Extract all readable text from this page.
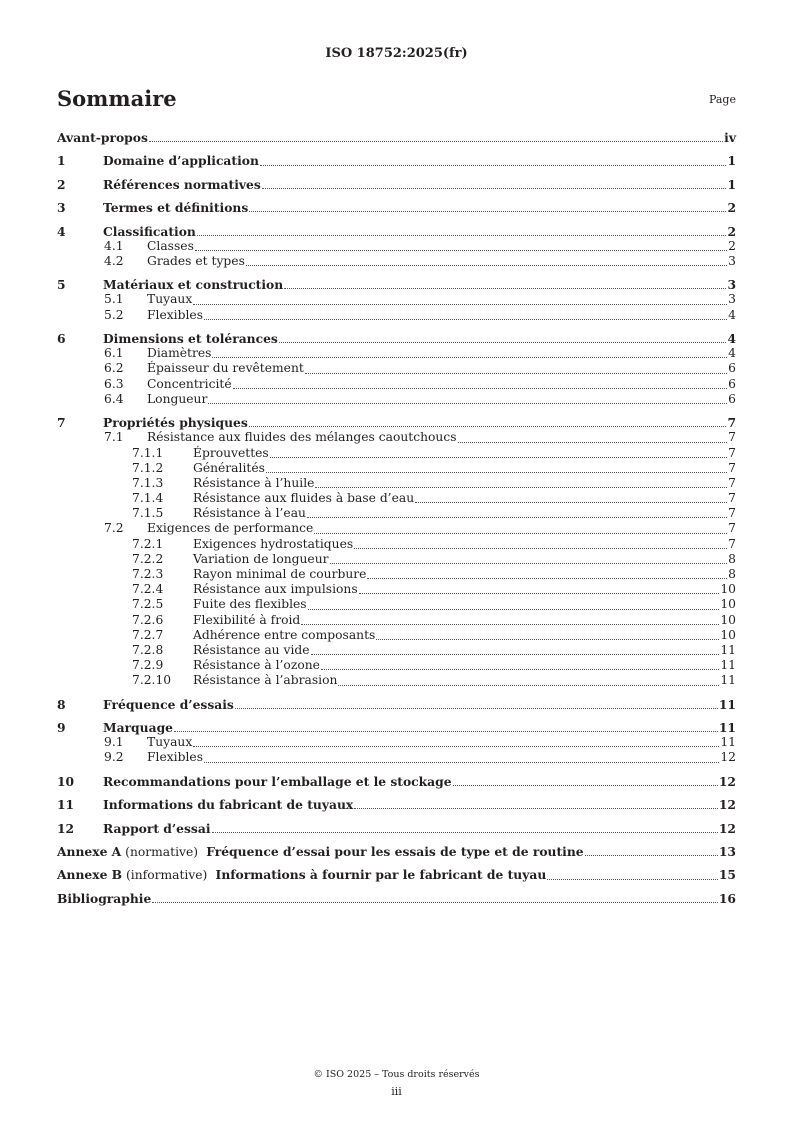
ISO 18752:2025(fr)
Sommaire	Page
Avant-propos	iv
1	Domaine d’application	1
2	Références normatives	1
3	Termes et définitions	2
4	Classification	2
4.1 Classes	2
4.2 Grades et types	3
5	Matériaux et construction	3
5.1 Tuyaux	3
5.2 Flexibles	4
6	Dimensions et tolérances	4
6.1 Diamètres	4
6.2 Épaisseur du revêtement	6
6.3 Concentricité	6
6.4 Longueur	6
7	Propriétés physiques	7
7.1 Résistance aux fluides des mélanges caoutchoucs	7
7.1.1 Éprouvettes	7
7.1.2 Généralités	7
7.1.3 Résistance à l’huile	7
7.1.4 Résistance aux fluides à base d’eau	7
7.1.5 Résistance à l’eau	7
7.2 Exigences de performance	7
7.2.1 Exigences hydrostatiques	7
7.2.2 Variation de longueur	8
7.2.3 Rayon minimal de courbure	8
7.2.4 Résistance aux impulsions	10
7.2.5 Fuite des flexibles	10
7.2.6 Flexibilité à froid	10
7.2.7 Adhérence entre composants	10
7.2.8 Résistance au vide	11
7.2.9 Résistance à l’ozone	11
7.2.10 Résistance à l’abrasion	11
8	Fréquence d’essais	11
9	Marquage	11
9.1 Tuyaux	11
9.2 Flexibles	12
10 Recommandations pour l’emballage et le stockage	12
11 Informations du fabricant de tuyaux	12
12 Rapport d’essai	12
Annexe A (normative)  Fréquence d’essai pour les essais de type et de routine	13
Annexe B (informative)  Informations à fournir par le fabricant de tuyau	15
Bibliographie	16
© ISO 2025 – Tous droits réservés
iii
